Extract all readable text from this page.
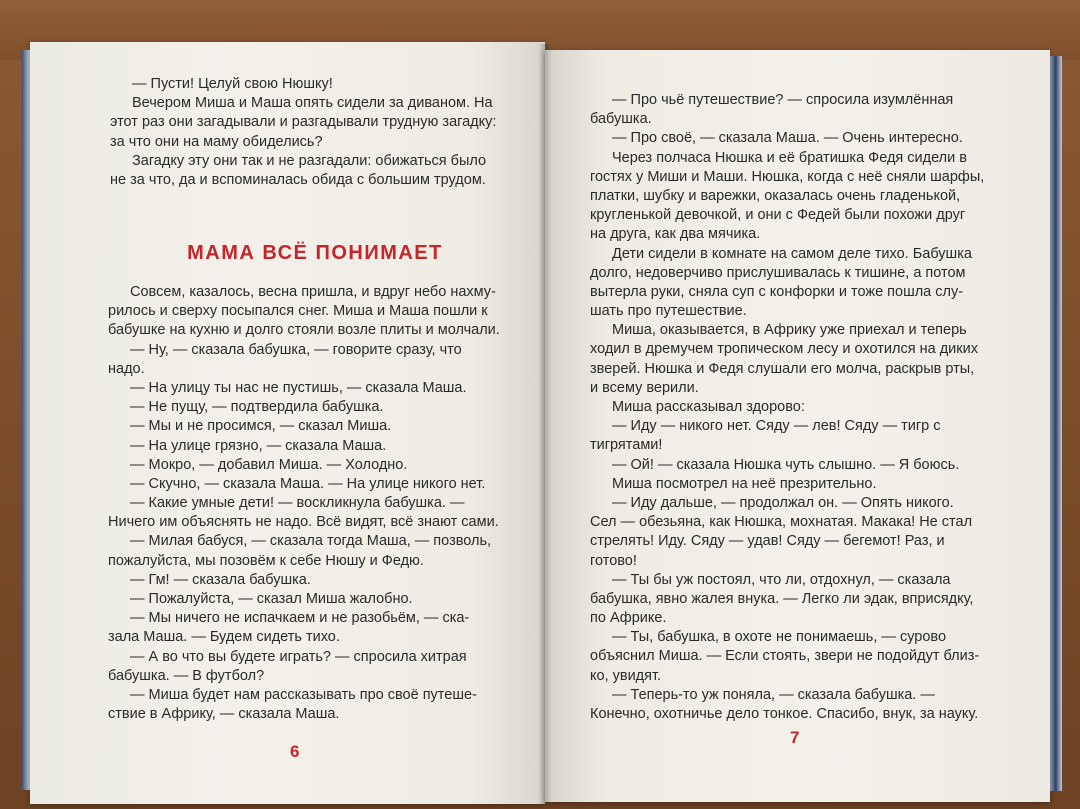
— Пусти! Целуй свою Нюшку!
Вечером Миша и Маша опять сидели за диваном. На
этот раз они загадывали и разгадывали трудную загадку:
за что они на маму обиделись?
Загадку эту они так и не разгадали: обижаться было
не за что, да и вспоминалась обида с большим трудом.
МАМА ВСЁ ПОНИМАЕТ
Совсем, казалось, весна пришла, и вдруг небо нахму-
рилось и сверху посыпался снег. Миша и Маша пошли к
бабушке на кухню и долго стояли возле плиты и молчали.
— Ну, — сказала бабушка, — говорите сразу, что
надо.
— На улицу ты нас не пустишь, — сказала Маша.
— Не пущу, — подтвердила бабушка.
— Мы и не просимся, — сказал Миша.
— На улице грязно, — сказала Маша.
— Мокро, — добавил Миша. — Холодно.
— Скучно, — сказала Маша. — На улице никого нет.
— Какие умные дети! — воскликнула бабушка. —
Ничего им объяснять не надо. Всё видят, всё знают сами.
— Милая бабуся, — сказала тогда Маша, — позволь,
пожалуйста, мы позовём к себе Нюшу и Федю.
— Гм! — сказала бабушка.
— Пожалуйста, — сказал Миша жалобно.
— Мы ничего не испачкаем и не разобьём, — ска-
зала Маша. — Будем сидеть тихо.
— А во что вы будете играть? — спросила хитрая
бабушка. — В футбол?
— Миша будет нам рассказывать про своё путеше-
ствие в Африку, — сказала Маша.
6
— Про чьё путешествие? — спросила изумлённая
бабушка.
— Про своё, — сказала Маша. — Очень интересно.
Через полчаса Нюшка и её братишка Федя сидели в
гостях у Миши и Маши. Нюшка, когда с неё сняли шарфы,
платки, шубку и варежки, оказалась очень гладенькой,
кругленькой девочкой, и они с Федей были похожи друг
на друга, как два мячика.
Дети сидели в комнате на самом деле тихо. Бабушка
долго, недоверчиво прислушивалась к тишине, а потом
вытерла руки, сняла суп с конфорки и тоже пошла слу-
шать про путешествие.
Миша, оказывается, в Африку уже приехал и теперь
ходил в дремучем тропическом лесу и охотился на диких
зверей. Нюшка и Федя слушали его молча, раскрыв рты,
и всему верили.
Миша рассказывал здорово:
— Иду — никого нет. Сяду — лев! Сяду — тигр с
тигрятами!
— Ой! — сказала Нюшка чуть слышно. — Я боюсь.
Миша посмотрел на неё презрительно.
— Иду дальше, — продолжал он. — Опять никого.
Сел — обезьяна, как Нюшка, мохнатая. Макака! Не стал
стрелять! Иду. Сяду — удав! Сяду — бегемот! Раз, и
готово!
— Ты бы уж постоял, что ли, отдохнул, — сказала
бабушка, явно жалея внука. — Легко ли эдак, вприсядку,
по Африке.
— Ты, бабушка, в охоте не понимаешь, — сурово
объяснил Миша. — Если стоять, звери не подойдут близ-
ко, увидят.
— Теперь-то уж поняла, — сказала бабушка. —
Конечно, охотничье дело тонкое. Спасибо, внук, за науку.
7
